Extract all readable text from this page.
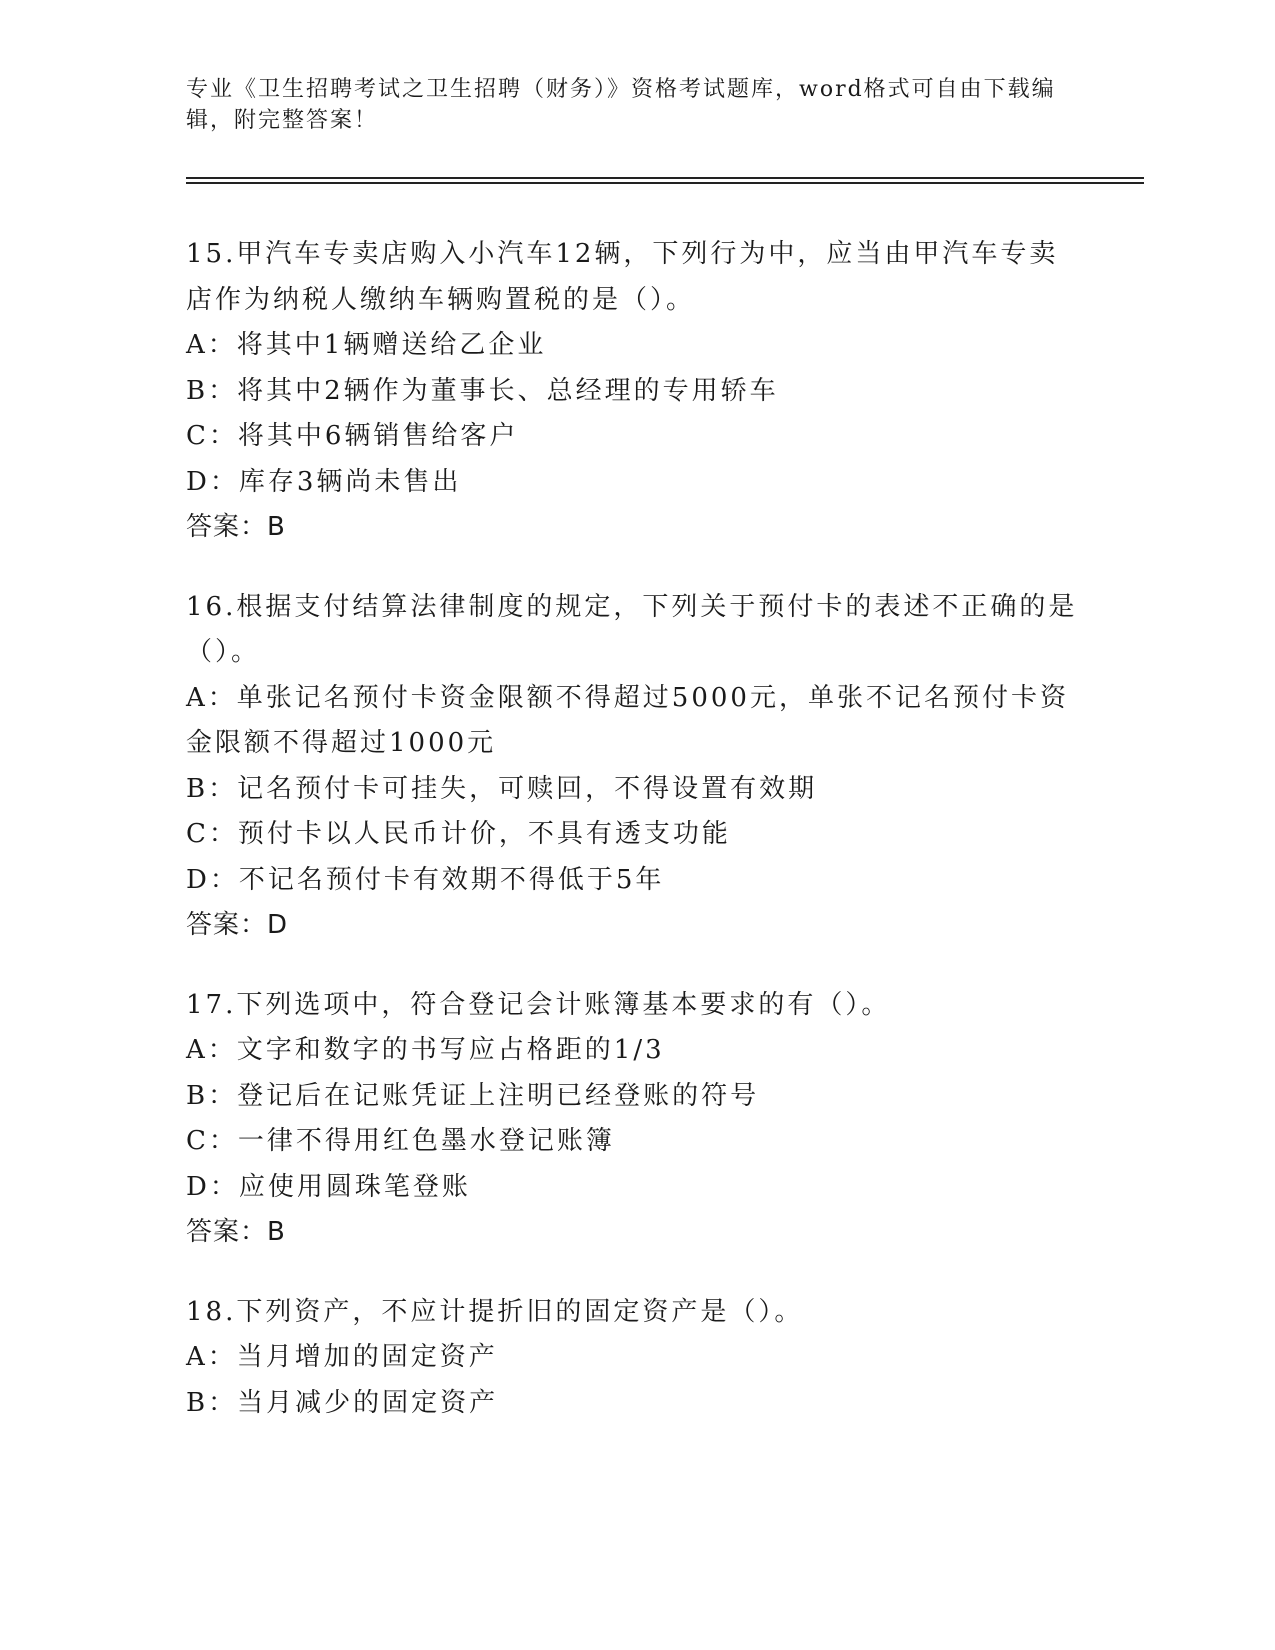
专业《卫生招聘考试之卫生招聘（财务）》资格考试题库，word格式可自由下载编辑，附完整答案！
15.甲汽车专卖店购入小汽车12辆，下列行为中，应当由甲汽车专卖店作为纳税人缴纳车辆购置税的是（）。
A：将其中1辆赠送给乙企业
B：将其中2辆作为董事长、总经理的专用轿车
C：将其中6辆销售给客户
D：库存3辆尚未售出
答案：B
16.根据支付结算法律制度的规定，下列关于预付卡的表述不正确的是（）。
A：单张记名预付卡资金限额不得超过5000元，单张不记名预付卡资金限额不得超过1000元
B：记名预付卡可挂失，可赎回，不得设置有效期
C：预付卡以人民币计价，不具有透支功能
D：不记名预付卡有效期不得低于5年
答案：D
17.下列选项中，符合登记会计账簿基本要求的有（）。
A：文字和数字的书写应占格距的1/3
B：登记后在记账凭证上注明已经登账的符号
C：一律不得用红色墨水登记账簿
D：应使用圆珠笔登账
答案：B
18.下列资产，不应计提折旧的固定资产是（）。
A：当月增加的固定资产
B：当月减少的固定资产
